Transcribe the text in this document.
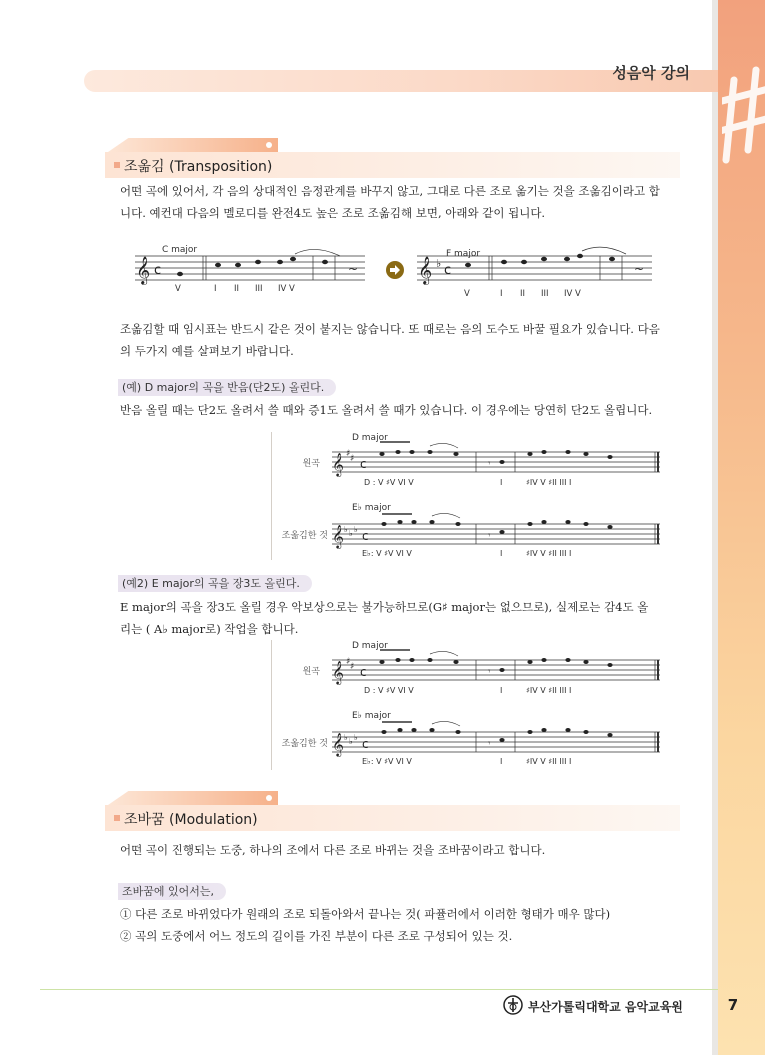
성음악 강의
조옮김 (Transposition)
어떤 곡에 있어서, 각 음의 상대적인 음정관계를 바꾸지 않고, 그대로 다른 조로 옮기는 것을 조옮김이라고 합
니다. 예컨대 다음의 멜로디를 완전4도 높은 조로 조옮김해 보면, 아래와 같이 됩니다.
𝄞 c	~
C major
V	I II III IV V
𝄞 ♭ c	~
F major
V	I II III IV V
조옮김할 때 임시표는 반드시 같은 것이 붙지는 않습니다. 또 때로는 음의 도수도 바꿀 필요가 있습니다. 다음
의 두가지 예를 살펴보기 바랍니다.
(예) D major의 곡을 반음(단2도) 올린다.
반음 올릴 때는 단2도 올려서 쓸 때와 증1도 올려서 쓸 때가 있습니다. 이 경우에는 당연히 단2도 올립니다.
원곡 𝄞 ♯ ♯ c	𝄾
D major
D : V ♯V VI V	I	♯IV V ♯II III I
조옮김한 것 𝄞 ♭ ♭ ♭ c	𝄾
E♭ major
E♭: V ♯V VI V	I	♯IV V ♯II III I
(예2) E major의 곡을 장3도 올린다.
E major의 곡을 장3도 올릴 경우 악보상으로는 불가능하므로(G♯ major는 없으므로), 실제로는 감4도 올
리는 ( A♭ major로) 작업을 합니다.
원곡 𝄞 ♯ ♯ c	𝄾
D major
D : V ♯V VI V	I	♯IV V ♯II III I
조옮김한 것 𝄞 ♭ ♭ ♭ c	𝄾
E♭ major
E♭: V ♯V VI V	I	♯IV V ♯II III I
조바꿈 (Modulation)
어떤 곡이 진행되는 도중, 하나의 조에서 다른 조로 바뀌는 것을 조바꿈이라고 합니다.
조바꿈에 있어서는,
① 다른 조로 바뀌었다가 원래의 조로 되돌아와서 끝나는 것( 파퓰러에서 이러한 형태가 매우 많다)
② 곡의 도중에서 어느 정도의 길이를 가진 부분이 다른 조로 구성되어 있는 것.
부산가톨릭대학교 음악교육원	7
